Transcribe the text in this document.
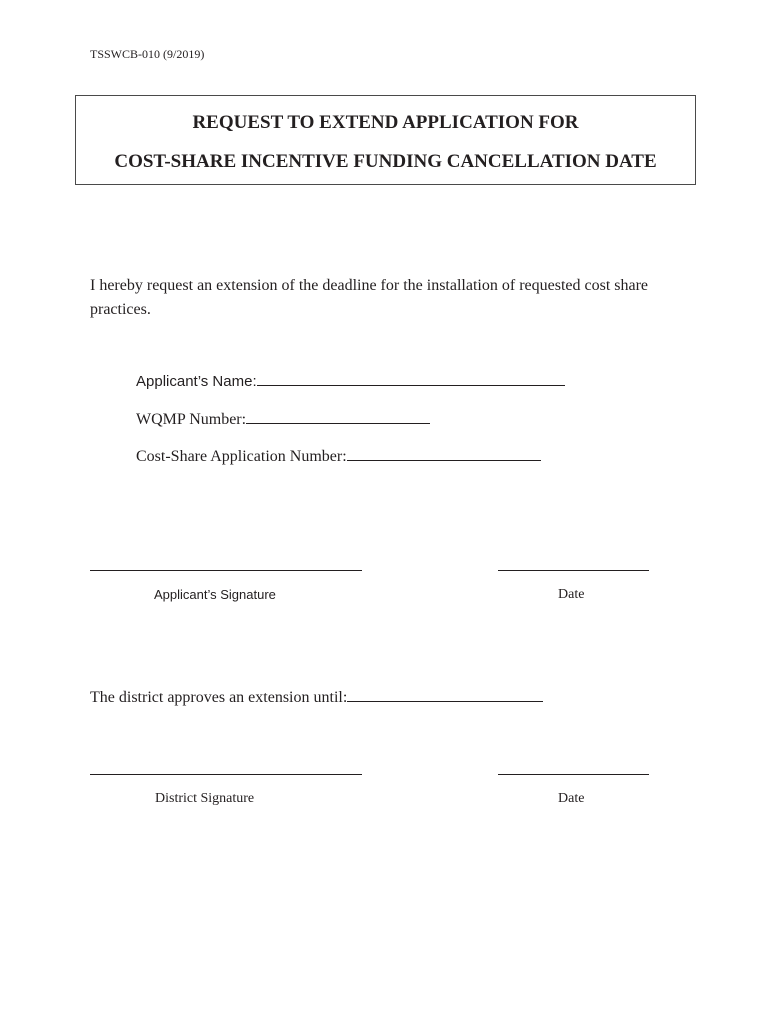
TSSWCB-010 (9/2019)
REQUEST TO EXTEND APPLICATION FOR
COST-SHARE INCENTIVE FUNDING CANCELLATION DATE
I hereby request an extension of the deadline for the installation of requested cost share practices.
Applicant’s Name:
WQMP Number:
Cost-Share Application Number:
Applicant’s Signature	Date
The district approves an extension until:
District Signature	Date
